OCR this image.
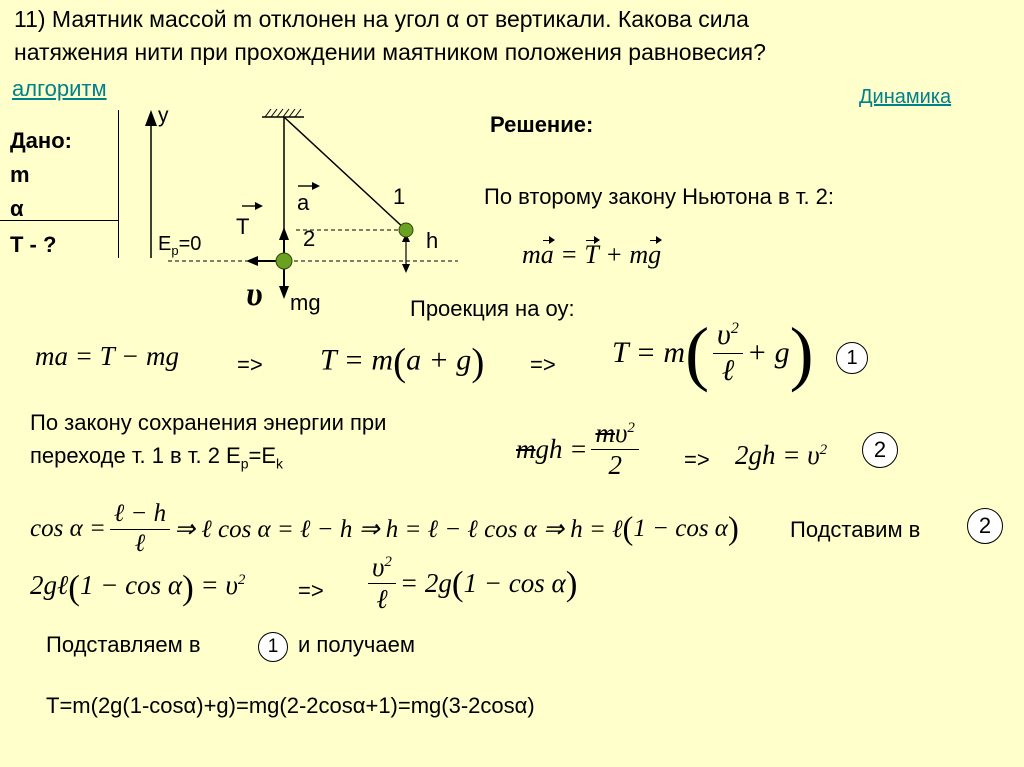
11) Маятник массой m отклонен на угол α от вертикали. Какова сила
натяжения нити при прохождении маятником положения равновесия?
алгоритм	Динамика
Дано:
m
α
T - ?
у
1
a
T 2	h
$E_р=0$
υ mg
Решение:
По второму закону Ньютона в т. 2:
ma = T + mg
Проекция на оу:
ma = T − mg	=> T = m(a + g) => T = m ( $\frac{\upsilon^2}{\text{ℓ}} + g$ )	1
По закону сохранения энергии при
переходе т. 1 в т. 2 $E_р=E_k$	m gh = $\frac{m\upsilon^2}{2} => 2gh = \upsilon^2$	2
$\cos \alpha = \frac{\text{ℓ − h}}{\text{ℓ}}$ ⇒ ℓ cos α = ℓ − h ⇒ h = ℓ − ℓ cos α ⇒ h = ℓ ( 1 − cos α ) Подставим в	2
2gℓ(1 − $\cos \alpha) = \upsilon^2 => \frac{\upsilon^2}{\text{ℓ}} = 2g$ ( 1 − cos α )
Подставляем в	1 и получаем
T=m(2g(1-cosα)+g)=mg(2-2cosα+1)=mg(3-2cosα)
